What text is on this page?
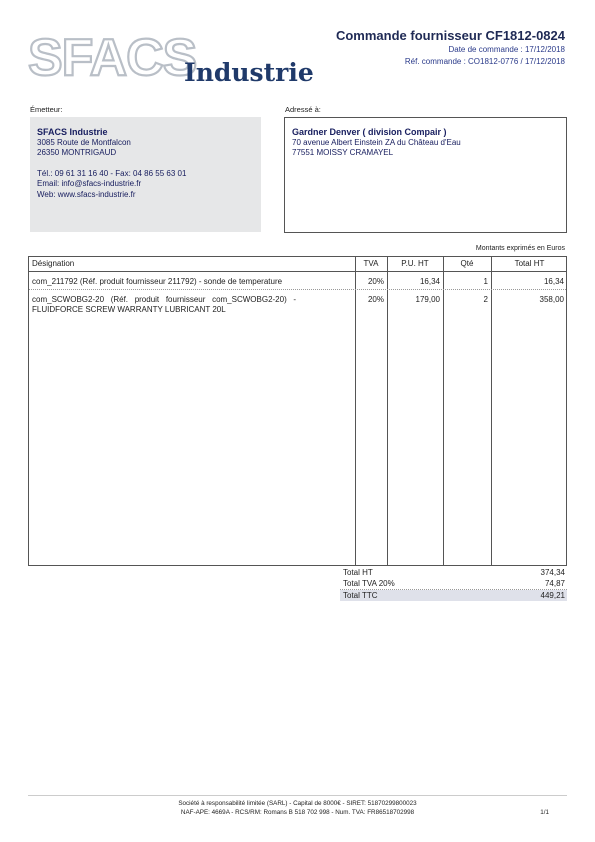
SFACS
Industrie
Commande fournisseur CF1812-0824
Date de commande : 17/12/2018
Réf. commande : CO1812-0776 / 17/12/2018
Émetteur:	Adressé à:
SFACS Industrie
3085 Route de Montfalcon
26350 MONTRIGAUD
Tél.: 09 61 31 16 40 - Fax: 04 86 55 63 01
Email: info@sfacs-industrie.fr
Web: www.sfacs-industrie.fr
Gardner Denver ( division Compair )
70 avenue Albert Einstein ZA du Château d'Eau
77551 MOISSY CRAMAYEL
Montants exprimés en Euros
Désignation	TVA	P.U. HT	Qté	Total HT
com_211792 (Réf. produit fournisseur 211792) - sonde de temperature	20%	16,34	1	16,34
com_SCWOBG2-20   (Réf.   produit   fournisseur   com_SCWOBG2-20)   -
FLUIDFORCE SCREW WARRANTY LUBRICANT 20L
20%	179,00	2	358,00
Total HT	374,34
Total TVA 20%	74,87
Total TTC	449,21
Société à responsabilité limitée (SARL) - Capital de 8000€ - SIRET: 51870299800023
NAF-APE: 4669A - RCS/RM: Romans B 518 702 998 - Num. TVA: FR86518702998	1/1
